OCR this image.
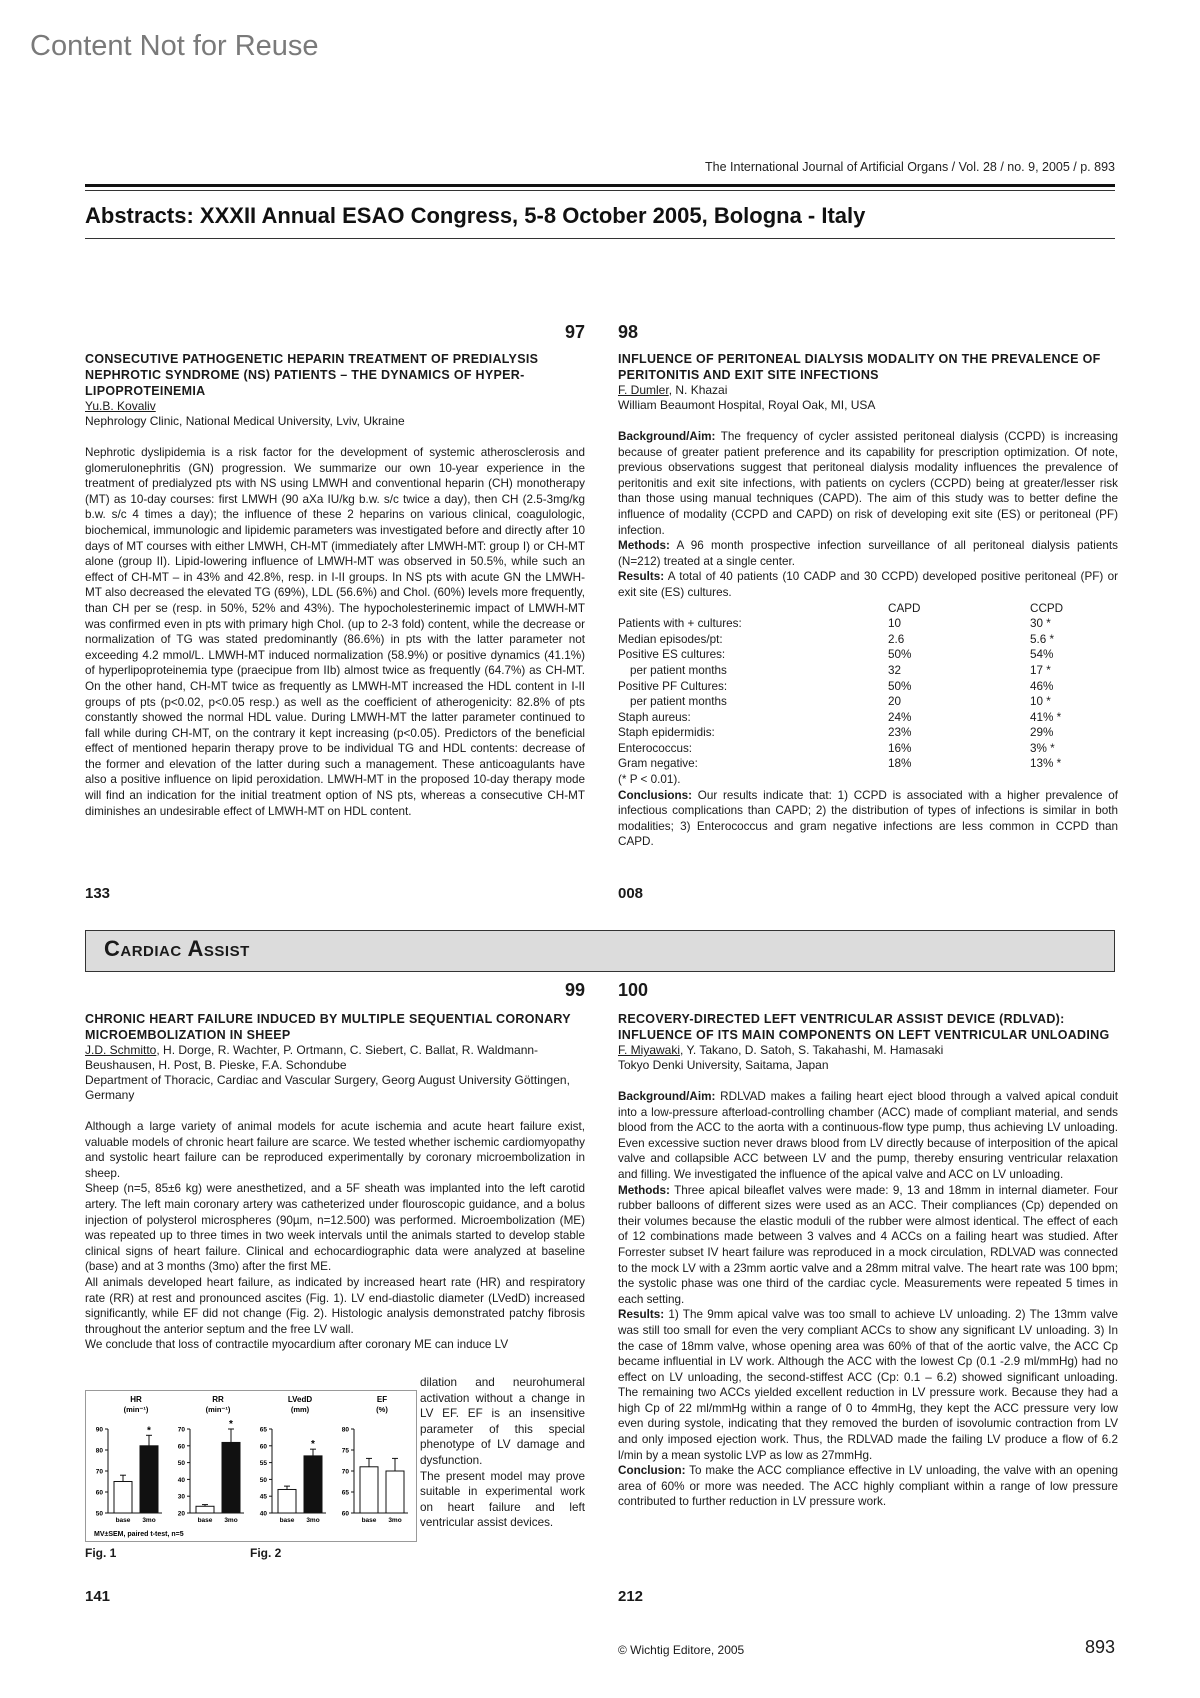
Content Not for Reuse
The International Journal of Artificial Organs / Vol. 28 / no. 9, 2005 / p. 893
Abstracts: XXXII Annual ESAO Congress, 5-8 October 2005, Bologna - Italy
97
CONSECUTIVE PATHOGENETIC HEPARIN TREATMENT OF PREDIALYSIS NEPHROTIC SYNDROME (NS) PATIENTS – THE DYNAMICS OF HYPER-LIPOPROTEINEMIA
Yu.B. Kovaliv
Nephrology Clinic, National Medical University, Lviv, Ukraine

Nephrotic dyslipidemia is a risk factor for the development of systemic atherosclerosis and glomerulonephritis (GN) progression. We summarize our own 10-year experience in the treatment of predialyzed pts with NS using LMWH and conventional heparin (CH) monotherapy (MT) as 10-day courses: first LMWH (90 aXa IU/kg b.w. s/c twice a day), then CH (2.5-3mg/kg b.w. s/c 4 times a day); the influence of these 2 heparins on various clinical, coagulologic, biochemical, immunologic and lipidemic parameters was investigated before and directly after 10 days of MT courses with either LMWH, CH-MT (immediately after LMWH-MT: group I) or CH-MT alone (group II). Lipid-lowering influence of LMWH-MT was observed in 50.5%, while such an effect of CH-MT – in 43% and 42.8%, resp. in I-II groups. In NS pts with acute GN the LMWH-MT also decreased the elevated TG (69%), LDL (56.6%) and Chol. (60%) levels more frequently, than CH per se (resp. in 50%, 52% and 43%). The hypocholesterinemic impact of LMWH-MT was confirmed even in pts with primary high Chol. (up to 2-3 fold) content, while the decrease or normalization of TG was stated predominantly (86.6%) in pts with the latter parameter not exceeding 4.2 mmol/L. LMWH-MT induced normalization (58.9%) or positive dynamics (41.1%) of hyperlipoproteinemia type (praecipue from IIb) almost twice as frequently (64.7%) as CH-MT. On the other hand, CH-MT twice as frequently as LMWH-MT increased the HDL content in I-II groups of pts (p<0.02, p<0.05 resp.) as well as the coefficient of atherogenicity: 82.8% of pts constantly showed the normal HDL value. During LMWH-MT the latter parameter continued to fall while during CH-MT, on the contrary it kept increasing (p<0.05). Predictors of the beneficial effect of mentioned heparin therapy prove to be individual TG and HDL contents: decrease of the former and elevation of the latter during such a management. These anticoagulants have also a positive influence on lipid peroxidation. LMWH-MT in the proposed 10-day therapy mode will find an indication for the initial treatment option of NS pts, whereas a consecutive CH-MT diminishes an undesirable effect of LMWH-MT on HDL content.

133
98
INFLUENCE OF PERITONEAL DIALYSIS MODALITY ON THE PREVALENCE OF PERITONITIS AND EXIT SITE INFECTIONS
F. Dumler, N. Khazai
William Beaumont Hospital, Royal Oak, MI, USA

Background/Aim: The frequency of cycler assisted peritoneal dialysis (CCPD) is increasing because of greater patient preference and its capability for prescription optimization. Of note, previous observations suggest that peritoneal dialysis modality influences the prevalence of peritonitis and exit site infections, with patients on cyclers (CCPD) being at greater/lesser risk than those using manual techniques (CAPD). The aim of this study was to better define the influence of modality (CCPD and CAPD) on risk of developing exit site (ES) or peritoneal (PF) infection.

Methods: A 96 month prospective infection surveillance of all peritoneal dialysis patients (N=212) treated at a single center.

Results: A total of 40 patients (10 CADP and 30 CCPD) developed positive peritoneal (PF) or exit site (ES) cultures.

	CAPD	CCPD
Patients with + cultures:	10	30 *
Median episodes/pt:	2.6	5.6 *
Positive ES cultures:	50%	54%
per patient months	32	17 *
Positive PF Cultures:	50%	46%
per patient months	20	10 *
Staph aureus:	24%	41% *
Staph epidermidis:	23%	29%
Enterococcus:	16%	3% *
Gram negative:	18%	13% *

(* P < 0.01).

Conclusions: Our results indicate that: 1) CCPD is associated with a higher prevalence of infectious complications than CAPD; 2) the distribution of types of infections is similar in both modalities; 3) Enterococcus and gram negative infections are less common in CCPD than CAPD.

008
Cardiac Assist
99
CHRONIC HEART FAILURE INDUCED BY MULTIPLE SEQUENTIAL CORONARY MICROEMBOLIZATION IN SHEEP
J.D. Schmitto, H. Dorge, R. Wachter, P. Ortmann, C. Siebert, C. Ballat, R. Waldmann-Beushausen, H. Post, B. Pieske, F.A. Schondube
Department of Thoracic, Cardiac and Vascular Surgery, Georg August University Göttingen, Germany

Although a large variety of animal models for acute ischemia and acute heart failure exist, valuable models of chronic heart failure are scarce. We tested whether ischemic cardiomyopathy and systolic heart failure can be reproduced experimentally by coronary microembolization in sheep.

Sheep (n=5, 85±6 kg) were anesthetized, and a 5F sheath was implanted into the left carotid artery. The left main coronary artery was catheterized under flouroscopic guidance, and a bolus injection of polysterol microspheres (90µm, n=12.500) was performed. Microembolization (ME) was repeated up to three times in two week intervals until the animals started to develop stable clinical signs of heart failure. Clinical and echocardiographic data were analyzed at baseline (base) and at 3 months (3mo) after the first ME.

All animals developed heart failure, as indicated by increased heart rate (HR) and respiratory rate (RR) at rest and pronounced ascites (Fig. 1). LV end-diastolic diameter (LVedD) increased significantly, while EF did not change (Fig. 2). Histologic analysis demonstrated patchy fibrosis throughout the anterior septum and the free LV wall.

We conclude that loss of contractile myocardium after coronary ME can induce LV

dilation and neurohumeral activation without a change in LV EF. EF is an insensitive parameter of this special phenotype of LV damage and dysfunction.

The present model may prove suitable in experimental work on heart failure and left ventricular assist devices.

HR
(min⁻¹)
50
60
70
80
90
base
*
3mo
RR
(min⁻¹)
20
30
40
50
60
70
base
*
3mo
LVedD
(mm)
40
45
50
55
60
65
base
*
3mo
EF
(%)
60
65
70
75
80
base 3mo
MV±SEM, paired t-test, n=5
Fig. 1	Fig. 2
141
100
RECOVERY-DIRECTED LEFT VENTRICULAR ASSIST DEVICE (RDLVAD): INFLUENCE OF ITS MAIN COMPONENTS ON LEFT VENTRICULAR UNLOADING
F. Miyawaki, Y. Takano, D. Satoh, S. Takahashi, M. Hamasaki
Tokyo Denki University, Saitama, Japan

Background/Aim: RDLVAD makes a failing heart eject blood through a valved apical conduit into a low-pressure afterload-controlling chamber (ACC) made of compliant material, and sends blood from the ACC to the aorta with a continuous-flow type pump, thus achieving LV unloading. Even excessive suction never draws blood from LV directly because of interposition of the apical valve and collapsible ACC between LV and the pump, thereby ensuring ventricular relaxation and filling. We investigated the influence of the apical valve and ACC on LV unloading.

Methods: Three apical bileaflet valves were made: 9, 13 and 18mm in internal diameter. Four rubber balloons of different sizes were used as an ACC. Their compliances (Cp) depended on their volumes because the elastic moduli of the rubber were almost identical. The effect of each of 12 combinations made between 3 valves and 4 ACCs on a failing heart was studied. After Forrester subset IV heart failure was reproduced in a mock circulation, RDLVAD was connected to the mock LV with a 23mm aortic valve and a 28mm mitral valve. The heart rate was 100 bpm; the systolic phase was one third of the cardiac cycle. Measurements were repeated 5 times in each setting.

Results: 1) The 9mm apical valve was too small to achieve LV unloading. 2) The 13mm valve was still too small for even the very compliant ACCs to show any significant LV unloading. 3) In the case of 18mm valve, whose opening area was 60% of that of the aortic valve, the ACC Cp became influential in LV work. Although the ACC with the lowest Cp (0.1 -2.9 ml/mmHg) had no effect on LV unloading, the second-stiffest ACC (Cp: 0.1 – 6.2) showed significant unloading. The remaining two ACCs yielded excellent reduction in LV pressure work. Because they had a high Cp of 22 ml/mmHg within a range of 0 to 4mmHg, they kept the ACC pressure very low even during systole, indicating that they removed the burden of isovolumic contraction from LV and only imposed ejection work. Thus, the RDLVAD made the failing LV produce a flow of 6.2 l/min by a mean systolic LVP as low as 27mmHg.

Conclusion: To make the ACC compliance effective in LV unloading, the valve with an opening area of 60% or more was needed. The ACC highly compliant within a range of low pressure contributed to further reduction in LV pressure work.

212
© Wichtig Editore, 2005	893
